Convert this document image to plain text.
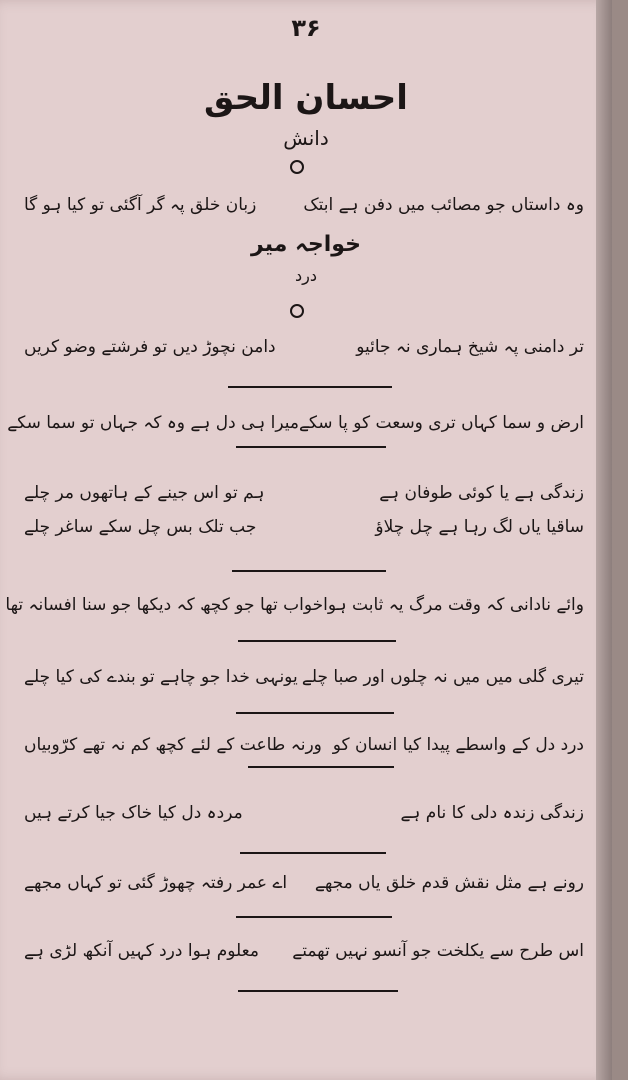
۳۶
احسان الحق
دانش
وہ داستاں جو مصائب میں دفن ہے ابتک
زبان خلق پہ گر آگئی تو کیا ہو گا
خواجہ میر
درد
تر دامنی پہ شیخ ہماری نہ جائیو
دامن نچوڑ دیں تو فرشتے وضو کریں
ارض و سما کہاں تری وسعت کو پا سکے
میرا ہی دل ہے وہ کہ جہاں تو سما سکے
زندگی ہے یا کوئی طوفان ہے
ہم تو اس جینے کے ہاتھوں مر چلے
ساقیا یاں لگ رہا ہے چل چلاؤ
جب تلک بس چل سکے ساغر چلے
وائے نادانی کہ وقت مرگ یہ ثابت ہوا
خواب تھا جو کچھ کہ دیکھا جو سنا افسانہ تھا
تیری گلی میں میں نہ چلوں اور صبا چلے
یونہی خدا جو چاہے تو بندے کی کیا چلے
درد دل کے واسطے پیدا کیا انسان کو
ورنہ طاعت کے لئے کچھ کم نہ تھے کرّوبیاں
زندگی زندہ دلی کا نام ہے
مردہ دل کیا خاک جیا کرتے ہیں
رونے ہے مثل نقش قدم خلق یاں مجھے
اے عمر رفتہ چھوڑ گئی تو کہاں مجھے
اس طرح سے یکلخت جو آنسو نہیں تھمتے
معلوم ہوا درد کہیں آنکھ لڑی ہے
